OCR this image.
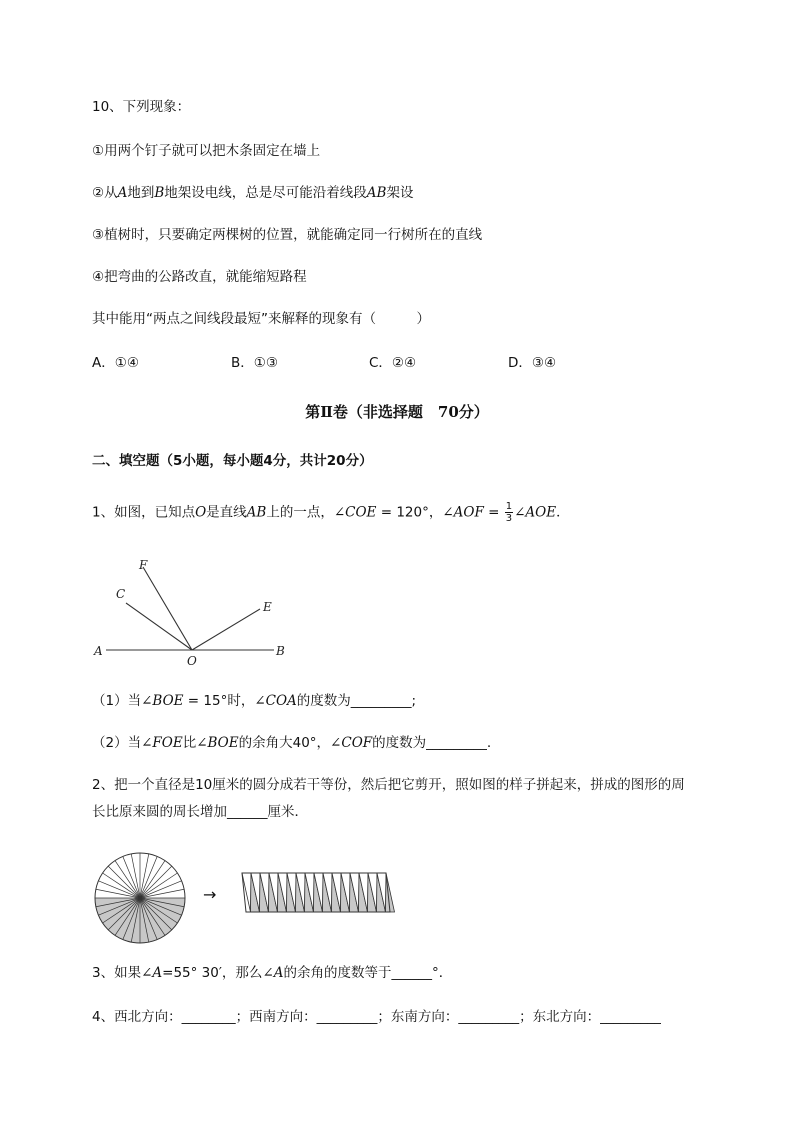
10、下列现象：
①用两个钉子就可以把木条固定在墙上
②从A地到B地架设电线，总是尽可能沿着线段AB架设
③植树时，只要确定两棵树的位置，就能确定同一行树所在的直线
④把弯曲的公路改直，就能缩短路程
其中能用“两点之间线段最短”来解释的现象有（　　　）
A．①④	B．①③	C．②④	D．③④
第Ⅱ卷（非选择题　70分）
二、填空题（5小题，每小题4分，共计20分）
1、如图，已知点O是直线AB上的一点，∠COE = 120°，∠AOF = $\frac{1}{3}$ ∠AOE．
F
C
E
A
O
B
（1）当∠BOE = 15°时，∠COA的度数为_________;
（2）当∠FOE比∠BOE的余角大40°，∠COF的度数为_________.
2、把一个直径是10厘米的圆分成若干等份，然后把它剪开，照如图的样子拼起来，拼成的图形的周
长比原来圆的周长增加______厘米．
→
3、如果∠A=55° 30′，那么∠A的余角的度数等于______°．
4、西北方向：________；西南方向：_________；东南方向：_________；东北方向：_________
